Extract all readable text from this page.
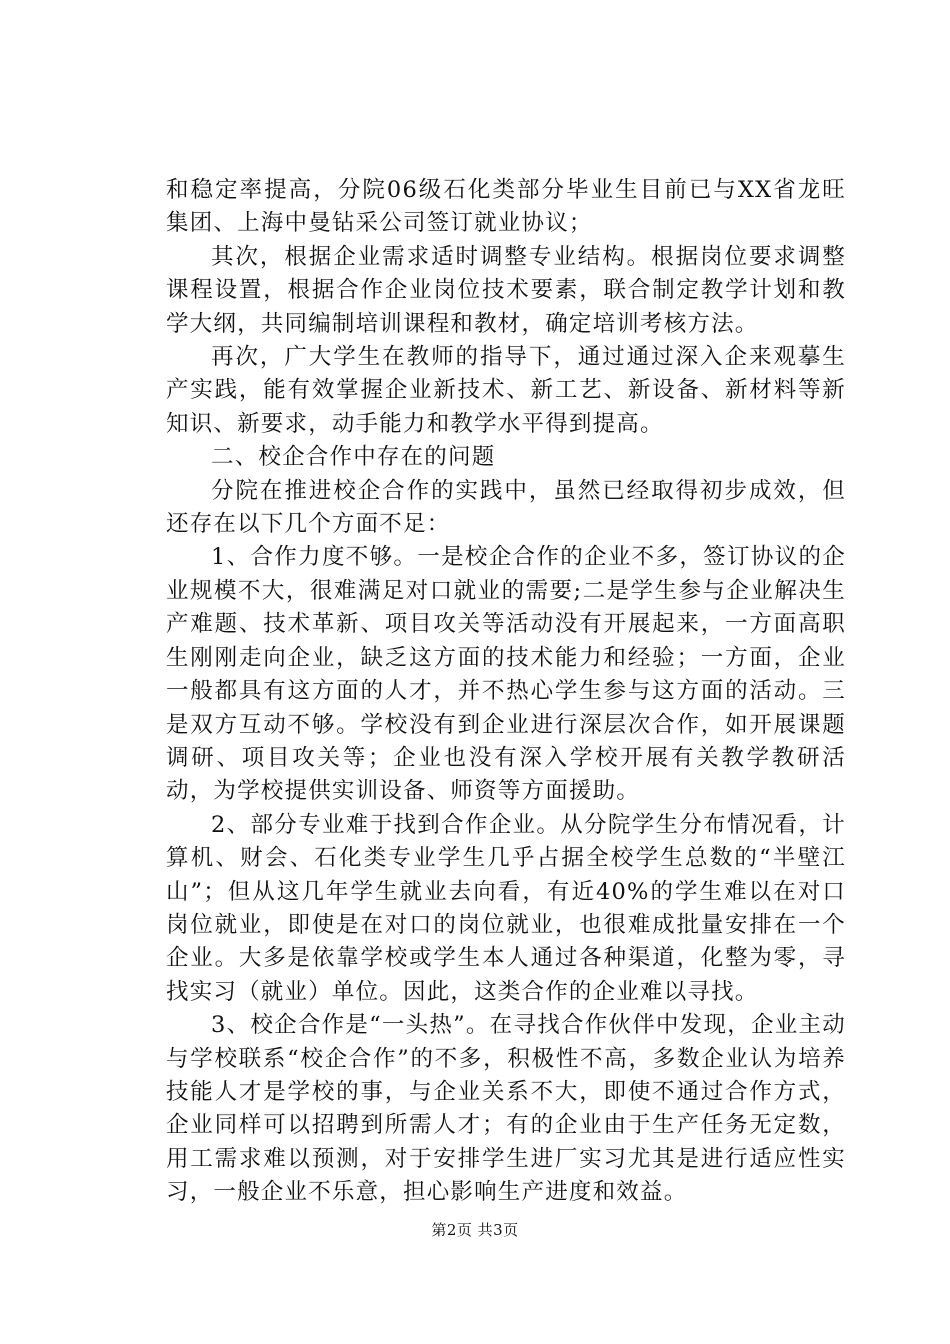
和稳定率提高，分院06级石化类部分毕业生目前已与XX省龙旺集团、上海中曼钻采公司签订就业协议；

其次，根据企业需求适时调整专业结构。根据岗位要求调整课程设置，根据合作企业岗位技术要素，联合制定教学计划和教学大纲，共同编制培训课程和教材，确定培训考核方法。

再次，广大学生在教师的指导下，通过通过深入企来观摹生产实践，能有效掌握企业新技术、新工艺、新设备、新材料等新知识、新要求，动手能力和教学水平得到提高。

二、校企合作中存在的问题

分院在推进校企合作的实践中，虽然已经取得初步成效，但还存在以下几个方面不足：

1、合作力度不够。一是校企合作的企业不多，签订协议的企业规模不大，很难满足对口就业的需要;二是学生参与企业解决生产难题、技术革新、项目攻关等活动没有开展起来，一方面高职生刚刚走向企业，缺乏这方面的技术能力和经验；一方面，企业一般都具有这方面的人才，并不热心学生参与这方面的活动。三是双方互动不够。学校没有到企业进行深层次合作，如开展课题调研、项目攻关等；企业也没有深入学校开展有关教学教研活动，为学校提供实训设备、师资等方面援助。

2、部分专业难于找到合作企业。从分院学生分布情况看，计算机、财会、石化类专业学生几乎占据全校学生总数的“半壁江山”；但从这几年学生就业去向看，有近40%的学生难以在对口岗位就业，即使是在对口的岗位就业，也很难成批量安排在一个企业。大多是依靠学校或学生本人通过各种渠道，化整为零，寻找实习（就业）单位。因此，这类合作的企业难以寻找。

3、校企合作是“一头热”。在寻找合作伙伴中发现，企业主动与学校联系“校企合作”的不多，积极性不高，多数企业认为培养技能人才是学校的事，与企业关系不大，即使不通过合作方式，企业同样可以招聘到所需人才；有的企业由于生产任务无定数，用工需求难以预测，对于安排学生进厂实习尤其是进行适应性实习，一般企业不乐意，担心影响生产进度和效益。

第2页 共3页
